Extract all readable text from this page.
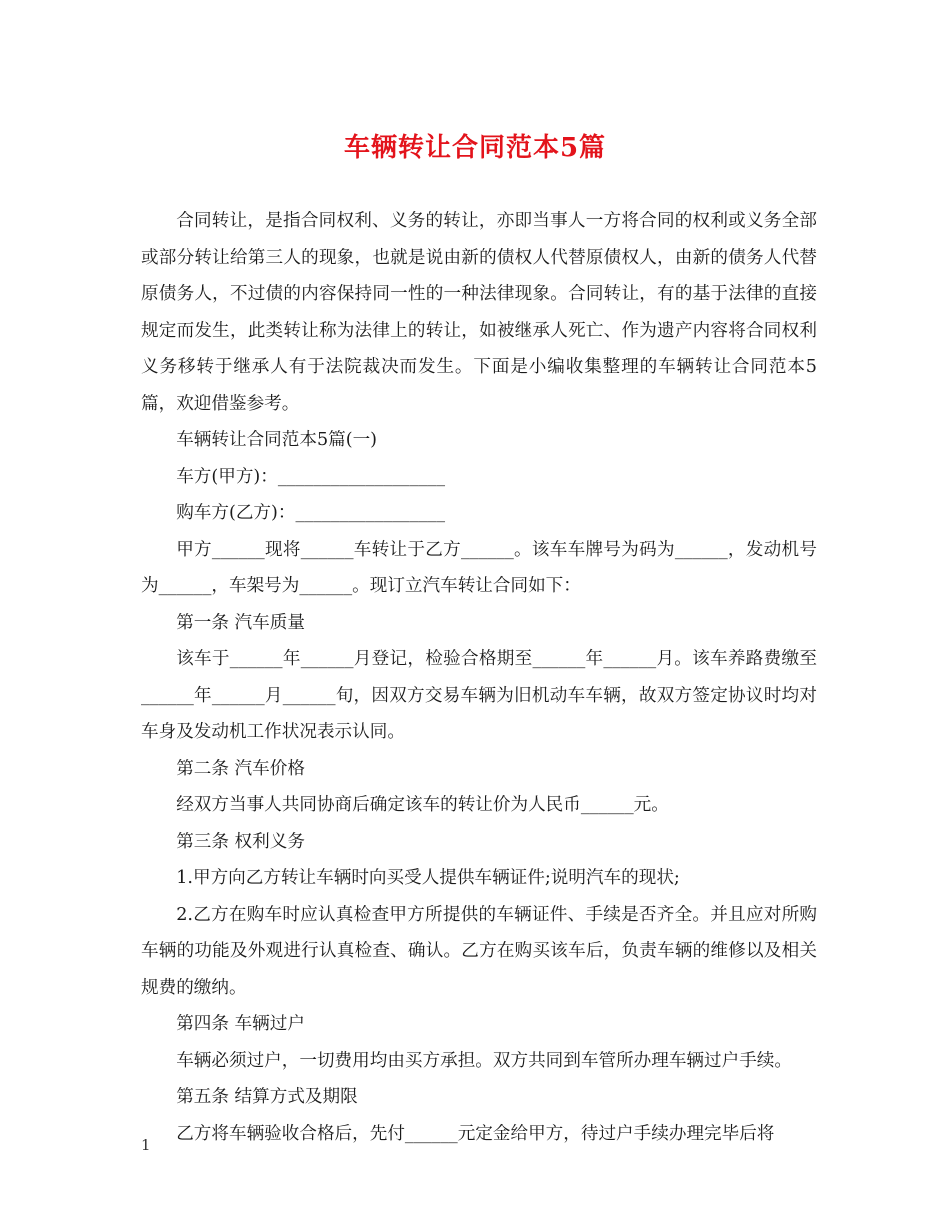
车辆转让合同范本5篇

合同转让，是指合同权利、义务的转让，亦即当事人一方将合同的权利或义务全部或部分转让给第三人的现象，也就是说由新的债权人代替原债权人，由新的债务人代替原债务人，不过债的内容保持同一性的一种法律现象。合同转让，有的基于法律的直接规定而发生，此类转让称为法律上的转让，如被继承人死亡、作为遗产内容将合同权利义务移转于继承人有于法院裁决而发生。下面是小编收集整理的车辆转让合同范本5篇，欢迎借鉴参考。

车辆转让合同范本5篇(一)

车方(甲方)：___________________

购车方(乙方)：_________________

甲方______现将______车转让于乙方______。该车车牌号为码为______，发动机号为______，车架号为______。现订立汽车转让合同如下：

第一条 汽车质量

该车于______年______月登记，检验合格期至______年______月。该车养路费缴至______年______月______旬，因双方交易车辆为旧机动车车辆，故双方签定协议时均对车身及发动机工作状况表示认同。

第二条 汽车价格

经双方当事人共同协商后确定该车的转让价为人民币______元。

第三条 权利义务

1.甲方向乙方转让车辆时向买受人提供车辆证件;说明汽车的现状;

2.乙方在购车时应认真检查甲方所提供的车辆证件、手续是否齐全。并且应对所购车辆的功能及外观进行认真检查、确认。乙方在购买该车后，负责车辆的维修以及相关规费的缴纳。

第四条 车辆过户

车辆必须过户，一切费用均由买方承担。双方共同到车管所办理车辆过户手续。

第五条 结算方式及期限

乙方将车辆验收合格后，先付______元定金给甲方，待过户手续办理完毕后将

1
